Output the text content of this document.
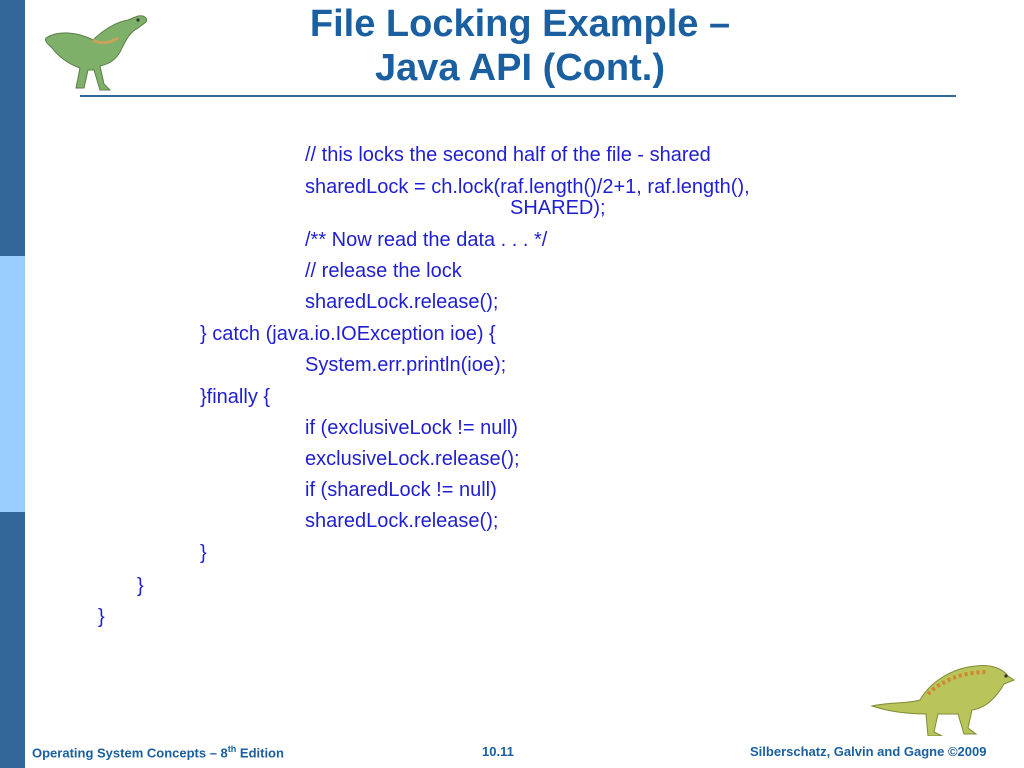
File Locking Example –
Java API (Cont.)
// this locks the second half of the file - shared
sharedLock = ch.lock(raf.length()/2+1, raf.length(),
SHARED);
/** Now read the data . . . */
// release the lock
sharedLock.release();
} catch (java.io.IOException ioe) {
System.err.println(ioe);
}finally {
if (exclusiveLock != null)
exclusiveLock.release();
if (sharedLock != null)
sharedLock.release();
}
}
}
Operating System Concepts – 8th Edition	10.11	Silberschatz, Galvin and Gagne ©2009
